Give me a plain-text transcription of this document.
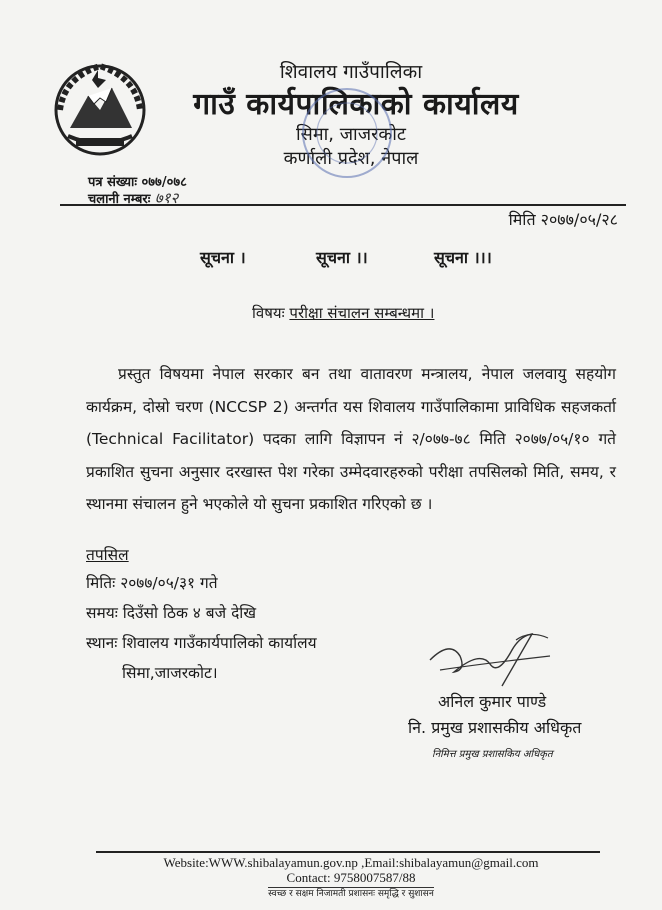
शिवालय गाउँपालिका
गाउँ कार्यपालिकाको कार्यालय
सिमा, जाजरकोट
कर्णाली प्रदेश, नेपाल
पत्र संख्याः ०७७/०७८
चलानी नम्बरः ७१२
मिति २०७७/०५/२८
सूचना ।	सूचना ।।	सूचना ।।।
विषयः परीक्षा संचालन सम्बन्धमा ।
प्रस्तुत विषयमा नेपाल सरकार बन तथा वातावरण मन्त्रालय, नेपाल जलवायु सहयोग कार्यक्रम, दोस्रो चरण (NCCSP 2) अन्तर्गत यस शिवालय गाउँपालिकामा प्राविधिक सहजकर्ता (Technical Facilitator) पदका लागि विज्ञापन नं २/०७७-७८ मिति २०७७/०५/१० गते प्रकाशित सुचना अनुसार दरखास्त पेश गरेका उम्मेदवारहरुको परीक्षा तपसिलको मिति, समय, र स्थानमा संचालन हुने भएकोले यो सुचना प्रकाशित गरिएको छ ।
तपसिल
मितिः २०७७/०५/३१ गते
समयः दिउँसो ठिक ४ बजे देखि
स्थानः शिवालय गाउँकार्यपालिको कार्यालय
सिमा,जाजरकोट।
अनिल कुमार पाण्डे
नि. प्रमुख प्रशासकीय अधिकृत
निमित्त प्रमुख प्रशासकिय अधिकृत
Website:WWW.shibalayamun.gov.np ,Email:shibalayamun@gmail.com
Contact: 9758007587/88
स्वच्छ र सक्षम निजामती प्रशासनः समृद्धि र सुशासन
